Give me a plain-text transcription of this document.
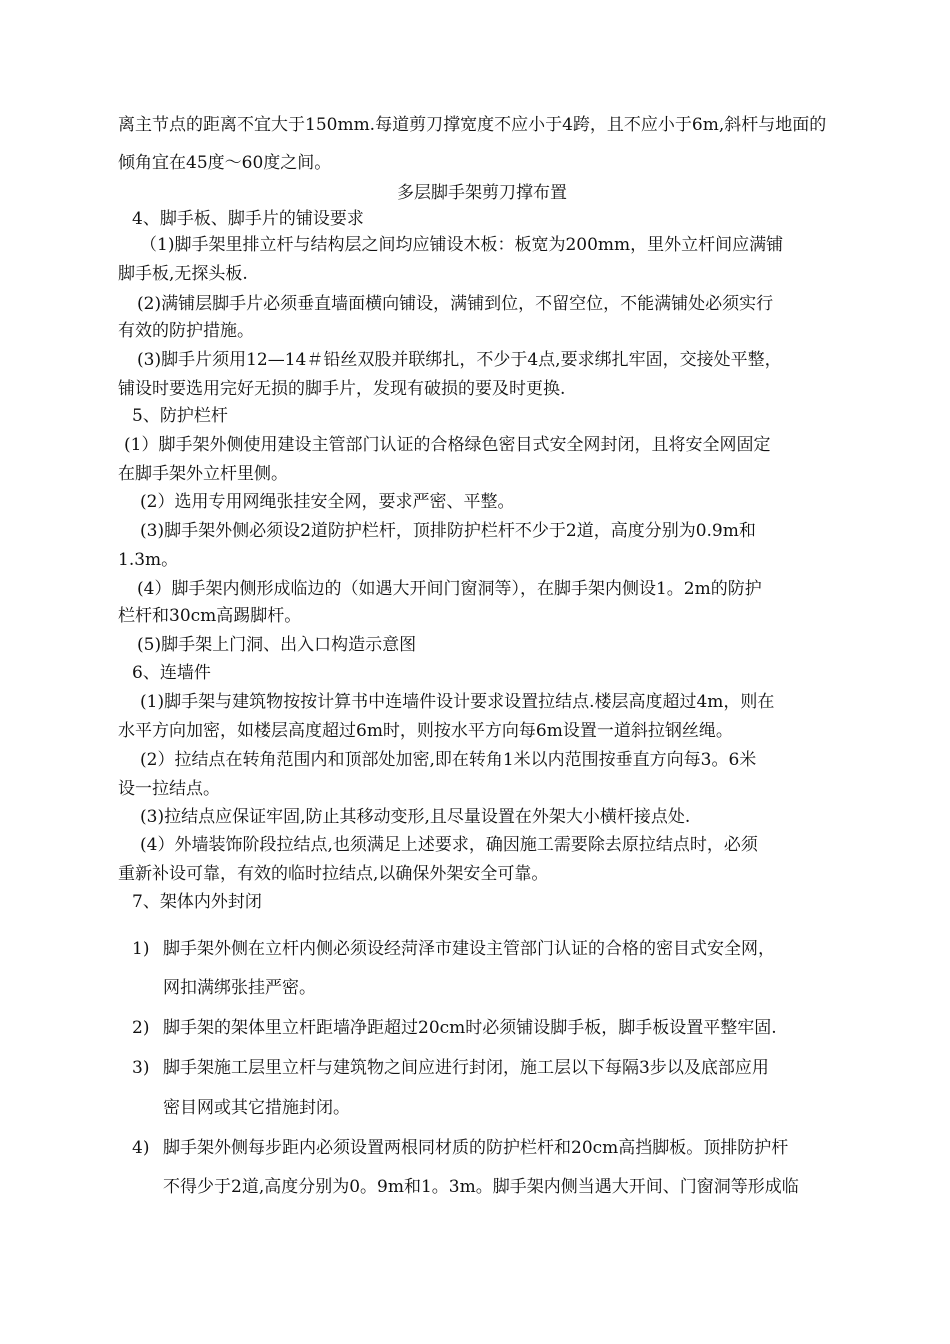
离主节点的距离不宜大于150mm.每道剪刀撑宽度不应小于4跨，且不应小于6m,斜杆与地面的
倾角宜在45度～60度之间。
多层脚手架剪刀撑布置
4、脚手板、脚手片的铺设要求
（1)脚手架里排立杆与结构层之间均应铺设木板：板宽为200mm，里外立杆间应满铺
脚手板,无探头板.
(2)满铺层脚手片必须垂直墙面横向铺设，满铺到位，不留空位，不能满铺处必须实行
有效的防护措施。
(3)脚手片须用12—14＃铅丝双股并联绑扎，不少于4点,要求绑扎牢固，交接处平整，
铺设时要选用完好无损的脚手片，发现有破损的要及时更换.
5、防护栏杆
(1）脚手架外侧使用建设主管部门认证的合格绿色密目式安全网封闭，且将安全网固定
在脚手架外立杆里侧。
(2）选用专用网绳张挂安全网，要求严密、平整。
(3)脚手架外侧必须设2道防护栏杆，顶排防护栏杆不少于2道，高度分别为0.9m和
1.3m。
(4）脚手架内侧形成临边的（如遇大开间门窗洞等），在脚手架内侧设1。2m的防护
栏杆和30cm高踢脚杆。
(5)脚手架上门洞、出入口构造示意图
6、连墙件
(1)脚手架与建筑物按按计算书中连墙件设计要求设置拉结点.楼层高度超过4m，则在
水平方向加密，如楼层高度超过6m时，则按水平方向每6m设置一道斜拉钢丝绳。
(2）拉结点在转角范围内和顶部处加密,即在转角1米以内范围按垂直方向每3。6米
设一拉结点。
(3)拉结点应保证牢固,防止其移动变形,且尽量设置在外架大小横杆接点处.
(4）外墙装饰阶段拉结点,也须满足上述要求，确因施工需要除去原拉结点时，必须
重新补设可靠，有效的临时拉结点,以确保外架安全可靠。
7、架体内外封闭
1) 脚手架外侧在立杆内侧必须设经菏泽市建设主管部门认证的合格的密目式安全网，
网扣满绑张挂严密。
2) 脚手架的架体里立杆距墙净距超过20cm时必须铺设脚手板，脚手板设置平整牢固.
3) 脚手架施工层里立杆与建筑物之间应进行封闭，施工层以下每隔3步以及底部应用
密目网或其它措施封闭。
4) 脚手架外侧每步距内必须设置两根同材质的防护栏杆和20cm高挡脚板。顶排防护杆
不得少于2道,高度分别为0。9m和1。3m。脚手架内侧当遇大开间、门窗洞等形成临
